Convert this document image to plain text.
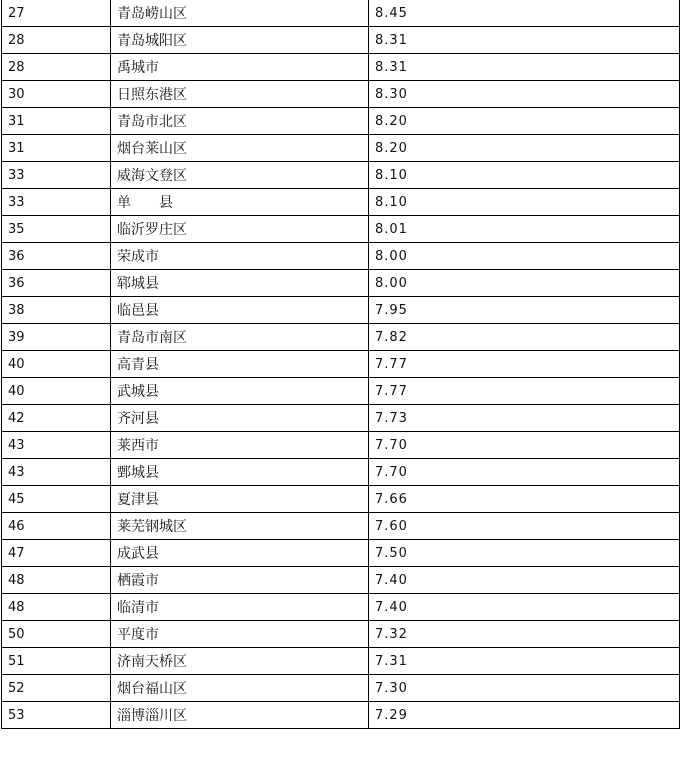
27	青岛崂山区	8.45
28	青岛城阳区	8.31
28	禹城市	8.31
30	日照东港区	8.30
31	青岛市北区	8.20
31	烟台莱山区	8.20
33	威海文登区	8.10
33	单　　县	8.10
35	临沂罗庄区	8.01
36	荣成市	8.00
36	郓城县	8.00
38	临邑县	7.95
39	青岛市南区	7.82
40	高青县	7.77
40	武城县	7.77
42	齐河县	7.73
43	莱西市	7.70
43	鄄城县	7.70
45	夏津县	7.66
46	莱芜钢城区	7.60
47	成武县	7.50
48	栖霞市	7.40
48	临清市	7.40
50	平度市	7.32
51	济南天桥区	7.31
52	烟台福山区	7.30
53	淄博淄川区	7.29
